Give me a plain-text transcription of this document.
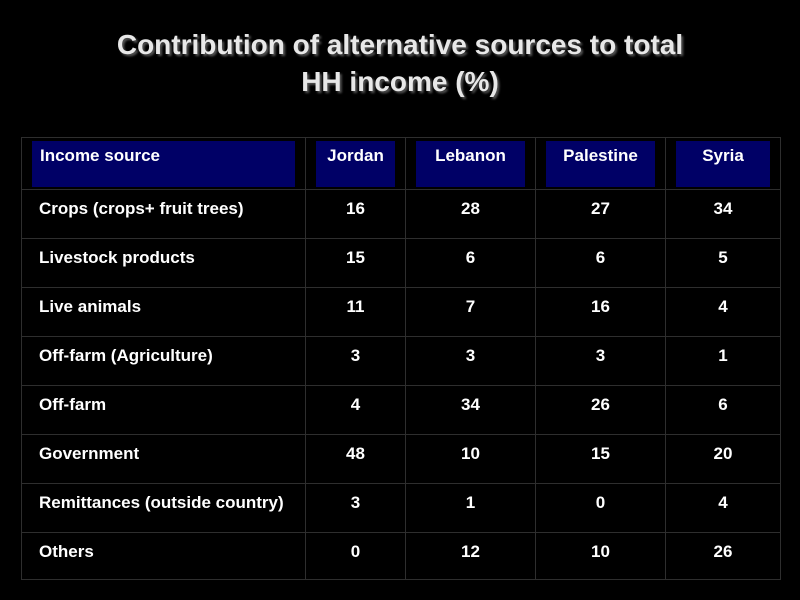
Contribution of alternative sources to total
HH income (%)
Income source	Jordan	Lebanon	Palestine	Syria

Crops (crops+ fruit trees)	16	28	27	34
Livestock products	15	6	6	5
Live animals	11	7	16	4
Off-farm (Agriculture)	3	3	3	1
Off-farm	4	34	26	6
Government	48	10	15	20
Remittances (outside country)	3	1	0	4
Others	0	12	10	26
